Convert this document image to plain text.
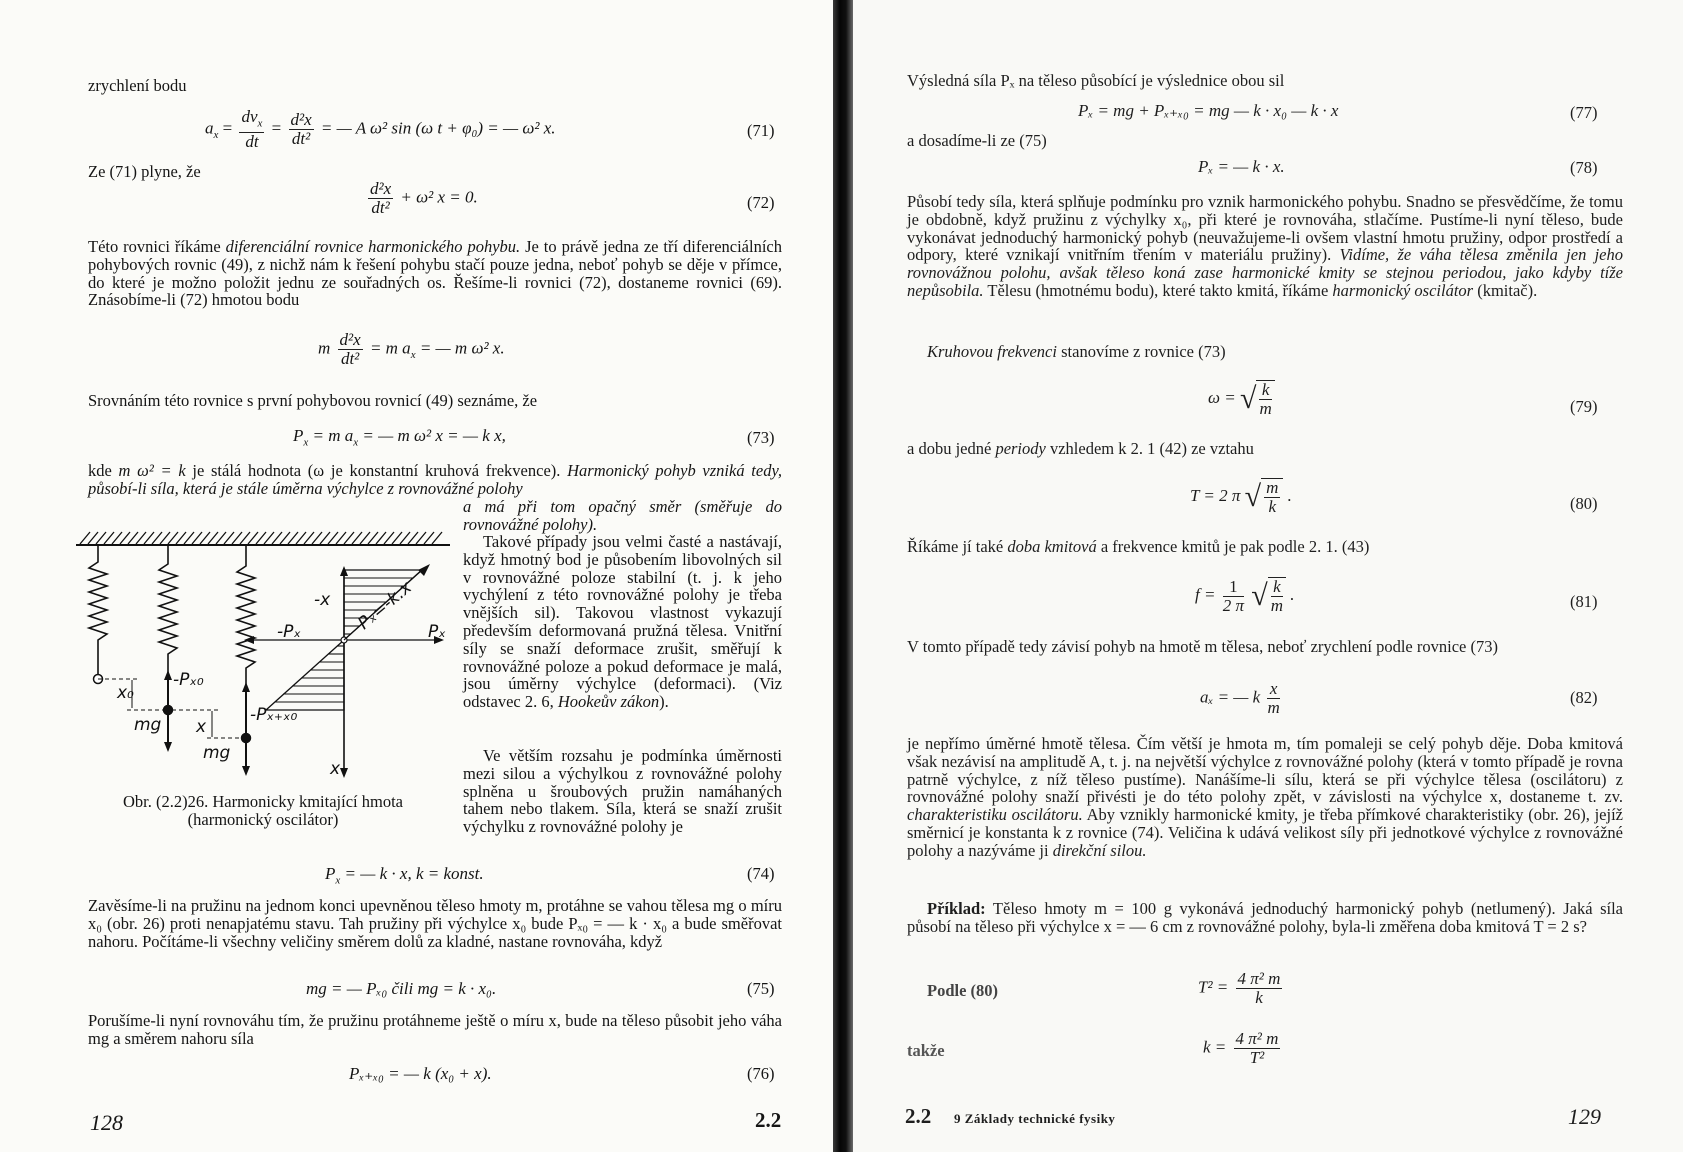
zrychlení bodu

$a_x = \frac{dv_x}{dt} = \frac{\text{d²x}}{\text{dt²}}$ = — A ω² sin (ω t + φ₀) = — ω² x.	(71)

Ze (71) plyne, že

$\frac{\text{d²x}}{\text{dt²}} + \omega^2$ x = 0.	(72)

Této rovnici říkáme diferenciální rovnice harmonického pohybu. Je to právě jedna ze tří diferenciálních pohybových rovnic (49), z nichž nám k řešení pohybu stačí pouze jedna, neboť pohyb se děje v přímce, do které je možno položit jednu ze souřadných os. Řešíme-li rovnici (72), dostaneme rovnici (69). Znásobíme-li (72) hmotou bodu

m $\frac{\text{d²x}}{\text{dt²}} = m$ $a_x$ = — m ω² x.

Srovnáním této rovnice s první pohybovou rovnicí (49) seznáme, že

$P_x = m$ $a_x$ = — m ω² x = — k x,	(73)

kde m ω² = k je stálá hodnota (ω je konstantní kruhová frekvence). Harmonický pohyb vzniká tedy, působí-li síla, která je stále úměrna výchylce z rovnovážné polohy

a má při tom opačný směr (směřuje do rovnovážné polohy).

Takové případy jsou velmi časté a nastávají, když hmotný bod je působením libovolných sil v rovnovážné poloze stabilní (t. j. k jeho vychýlení z této rovnovážné polohy je třeba vnějších sil). Takovou vlastnost vykazují především deformovaná pružná tělesa. Vnitřní síly se snaží deformace zrušit, směřují k rovnovážné poloze a pokud deformace je malá, jsou úměrny výchylce (deformaci). (Viz odstavec 2. 6, Hookeův zákon).

Ve větším rozsahu je podmínka úměrnosti mezi silou a výchylkou z rovnovážné polohy splněna u šroubových pružin namáhaných tahem nebo tlakem. Síla, která se snaží zrušit výchylku z rovnovážné polohy je

x₀
mg
-Pₓ₀
x
mg
-Pₓ₊ₓ₀
-x
-Pₓ	Pₓ
Pₓ=-k.x
x
Obr. (2.2)26. Harmonicky kmitající hmota (harmonický oscilátor)
$P_x$ = — k · x, k = konst.	(74)

Zavěsíme-li na pružinu na jednom konci upevněnou těleso hmoty m, protáhne se vahou tělesa mg o míru x₀ (obr. 26) proti nenapjatému stavu. Tah pružiny při výchylce x₀ bude Pₓ₀ = — k · x₀ a bude směřovat nahoru. Počítáme-li všechny veličiny směrem dolů za kladné, nastane rovnováha, když

mg = — Pₓ₀ čili mg = k · x₀.	(75)

Porušíme-li nyní rovnováhu tím, že pružinu protáhneme ještě o míru x, bude na těleso působit jeho váha mg a směrem nahoru síla

Pₓ₊ₓ₀ = — k (x₀ + x).	(76)
128	2.2

Výsledná síla Pₓ na těleso působící je výslednice obou sil

Pₓ = mg + Pₓ₊ₓ₀ = mg — k · x₀ — k · x	(77)

a dosadíme-li ze (75)

Pₓ = — k · x.	(78)

Působí tedy síla, která splňuje podmínku pro vznik harmonického pohybu. Snadno se přesvědčíme, že tomu je obdobně, když pružinu z výchylky x₀, při které je rovnováha, stlačíme. Pustíme-li nyní těleso, bude vykonávat jednoduchý harmonický pohyb (neuvažujeme-li ovšem vlastní hmotu pružiny, odpor prostředí a odpory, které vznikají vnitřním třením v materiálu pružiny). Vidíme, že váha tělesa změnila jen jeho rovnovážnou polohu, avšak těleso koná zase harmonické kmity se stejnou periodou, jako kdyby tíže nepůsobila. Tělesu (hmotnému bodu), které takto kmitá, říkáme harmonický oscilátor (kmitač).

Kruhovou frekvenci stanovíme z rovnice (73)

ω = √ $\frac{k}{m}$	(79)

a dobu jedné periody vzhledem k 2. 1 (42) ze vztahu

T = 2 π √ $\frac{m}{k}$ .	(80)

Říkáme jí také doba kmitová a frekvence kmitů je pak podle 2. 1. (43)

$f = \frac{1}{2 \pi}$ √ $\frac{k}{m}$ .	(81)

V tomto případě tedy závisí pohyb na hmotě m tělesa, neboť zrychlení podle rovnice (73)

aₓ = — k $\frac{x}{m}$	(82)

je nepřímo úměrné hmotě tělesa. Čím větší je hmota m, tím pomaleji se celý pohyb děje. Doba kmitová však nezávisí na amplitudě A, t. j. na největší výchylce z rovnovážné polohy (která v tomto případě je rovna patrně výchylce, z níž těleso pustíme). Nanášíme-li sílu, která se při výchylce tělesa (oscilátoru) z rovnovážné polohy snaží přivésti je do této polohy zpět, v závislosti na výchylce x, dostaneme t. zv. charakteristiku oscilátoru. Aby vznikly harmonické kmity, je třeba přímkové charakteristiky (obr. 26), jejíž směrnicí je konstanta k z rovnice (74). Veličina k udává velikost síly při jednotkové výchylce z rovnovážné polohy a nazýváme ji direkční silou.

Příklad: Těleso hmoty m = 100 g vykonává jednoduchý harmonický pohyb (netlumený). Jaká síla působí na těleso při výchylce x = — 6 cm z rovnovážné polohy, byla-li změřena doba kmitová T = 2 s?

Podle (80)	$T^2 = \frac{\text{4 π² m}}{k}$

takže	$k = \frac{\text{4 π² m}}{\text{T²}}$
2.2 9 Základy technické fysiky	129
